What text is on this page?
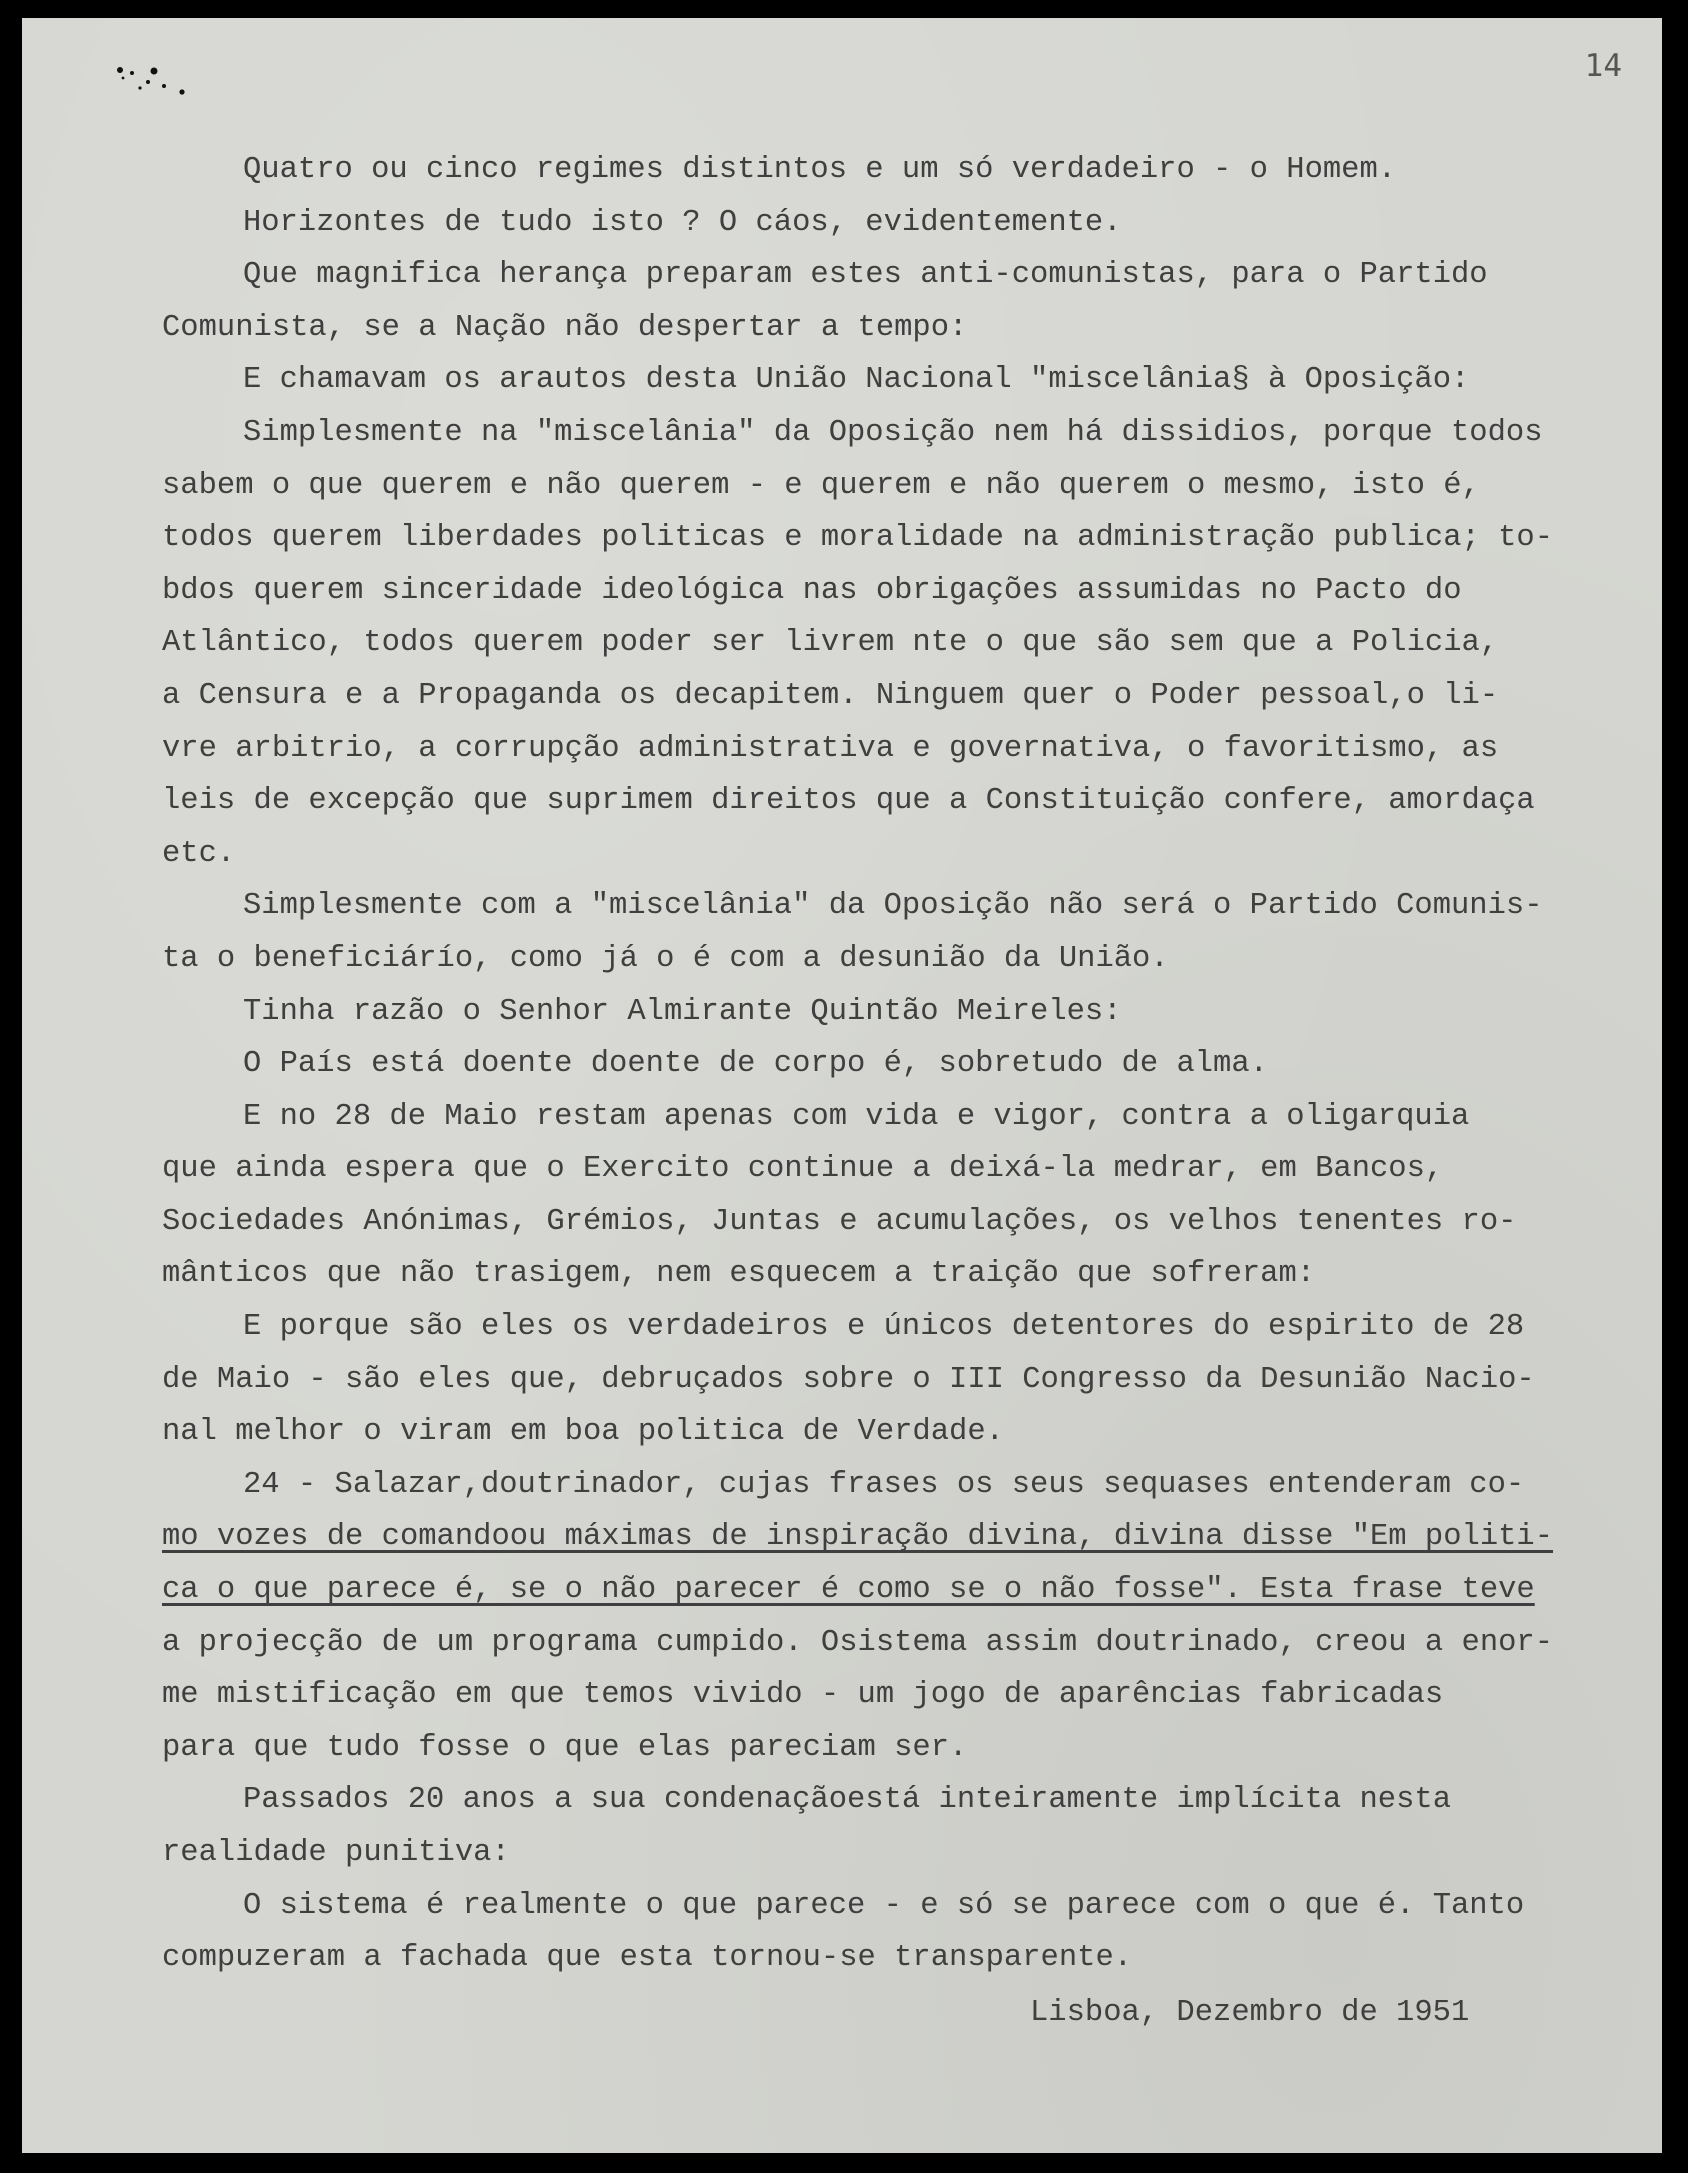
14
Quatro ou cinco regimes distintos e um só verdadeiro - o Homem.
Horizontes de tudo isto ? O cáos, evidentemente.
Que magnifica herança preparam estes anti-comunistas, para o Partido
Comunista, se a Nação não despertar a tempo:
E chamavam os arautos desta União Nacional "miscelânia§ à Oposição:
Simplesmente na "miscelânia" da Oposição nem há dissidios, porque todos
sabem o que querem e não querem - e querem e não querem o mesmo, isto é,
todos querem liberdades politicas e moralidade na administração publica; to-
bdos querem sinceridade ideológica nas obrigações assumidas no Pacto do
Atlântico, todos querem poder ser livrem nte o que são sem que a Policia,
a Censura e a Propaganda os decapitem. Ninguem quer o Poder pessoal,o li-
vre arbitrio, a corrupção administrativa e governativa, o favoritismo, as
leis de excepção que suprimem direitos que a Constituição confere, amordaça
etc.
Simplesmente com a "miscelânia" da Oposição não será o Partido Comunis-
ta o beneficiárío, como já o é com a desunião da União.
Tinha razão o Senhor Almirante Quintão Meireles:
O País está doente doente de corpo é, sobretudo de alma.
E no 28 de Maio restam apenas com vida e vigor, contra a oligarquia
que ainda espera que o Exercito continue a deixá-la medrar, em Bancos,
Sociedades Anónimas, Grémios, Juntas e acumulações, os velhos tenentes ro-
mânticos que não trasigem, nem esquecem a traição que sofreram:
E porque são eles os verdadeiros e únicos detentores do espirito de 28
de Maio - são eles que, debruçados sobre o III Congresso da Desunião Nacio-
nal melhor o viram em boa politica de Verdade.
24 - Salazar,doutrinador, cujas frases os seus sequases entenderam co-
mo vozes de comandoou máximas de inspiração divina, divina disse "Em politi-
ca o que parece é, se o não parecer é como se o não fosse". Esta frase teve
a projecção de um programa cumpido. Osistema assim doutrinado, creou a enor-
me mistificação em que temos vivido - um jogo de aparências fabricadas
para que tudo fosse o que elas pareciam ser.
Passados 20 anos a sua condenaçãoestá inteiramente implícita nesta
realidade punitiva:
O sistema é realmente o que parece - e só se parece com o que é. Tanto
compuzeram a fachada que esta tornou-se transparente.
Lisboa, Dezembro de 1951
